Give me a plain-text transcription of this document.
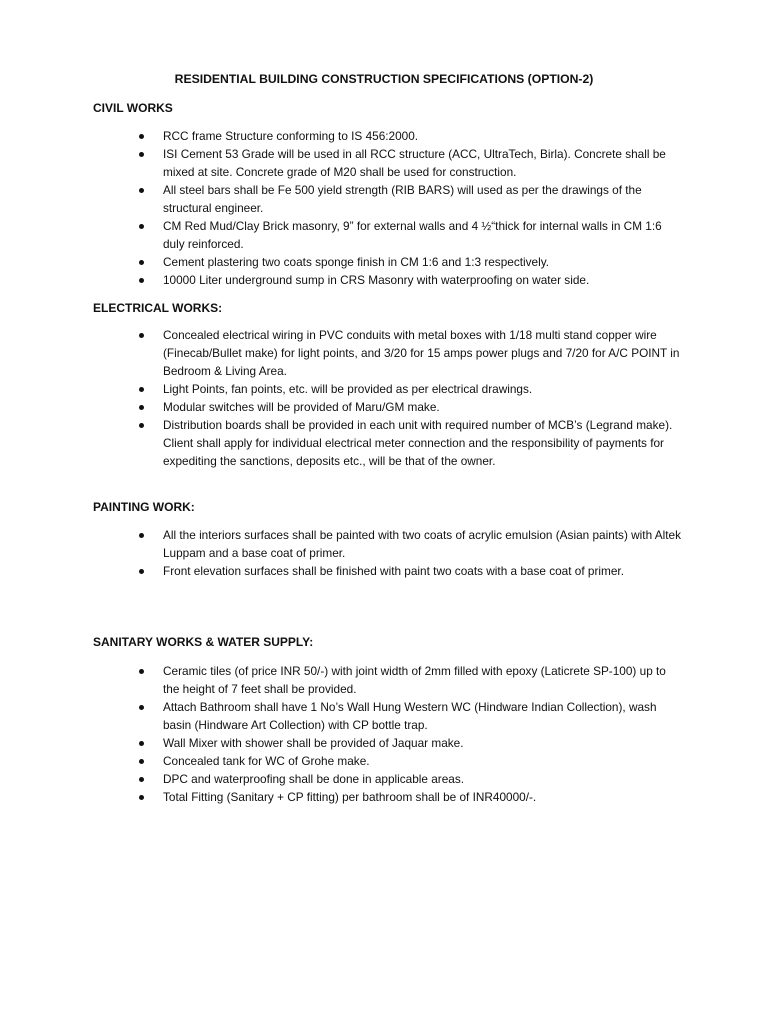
RESIDENTIAL BUILDING CONSTRUCTION SPECIFICATIONS (OPTION-2)
CIVIL WORKS
RCC frame Structure conforming to IS 456:2000.
ISI Cement 53 Grade will be used in all RCC structure (ACC, UltraTech, Birla). Concrete shall be mixed at site. Concrete grade of M20 shall be used for construction.
All steel bars shall be Fe 500 yield strength (RIB BARS) will used as per the drawings of the structural engineer.
CM Red Mud/Clay Brick masonry, 9” for external walls and 4 ½“thick for internal walls in CM 1:6 duly reinforced.
Cement plastering two coats sponge finish in CM 1:6 and 1:3 respectively.
10000 Liter underground sump in CRS Masonry with waterproofing on water side.
ELECTRICAL WORKS:
Concealed electrical wiring in PVC conduits with metal boxes with 1/18 multi stand copper wire (Finecab/Bullet make) for light points, and 3/20 for 15 amps power plugs and 7/20 for A/C POINT in Bedroom & Living Area.
Light Points, fan points, etc. will be provided as per electrical drawings.
Modular switches will be provided of Maru/GM make.
Distribution boards shall be provided in each unit with required number of MCB’s (Legrand make). Client shall apply for individual electrical meter connection and the responsibility of payments for expediting the sanctions, deposits etc., will be that of the owner.
PAINTING WORK:
All the interiors surfaces shall be painted with two coats of acrylic emulsion (Asian paints) with Altek Luppam and a base coat of primer.
Front elevation surfaces shall be finished with paint two coats with a base coat of primer.
SANITARY WORKS & WATER SUPPLY:
Ceramic tiles (of price INR 50/-) with joint width of 2mm filled with epoxy (Laticrete SP-100) up to the height of 7 feet shall be provided.
Attach Bathroom shall have 1 No’s Wall Hung Western WC (Hindware Indian Collection), wash basin (Hindware Art Collection) with CP bottle trap.
Wall Mixer with shower shall be provided of Jaquar make.
Concealed tank for WC of Grohe make.
DPC and waterproofing shall be done in applicable areas.
Total Fitting (Sanitary + CP fitting) per bathroom shall be of INR40000/-.
